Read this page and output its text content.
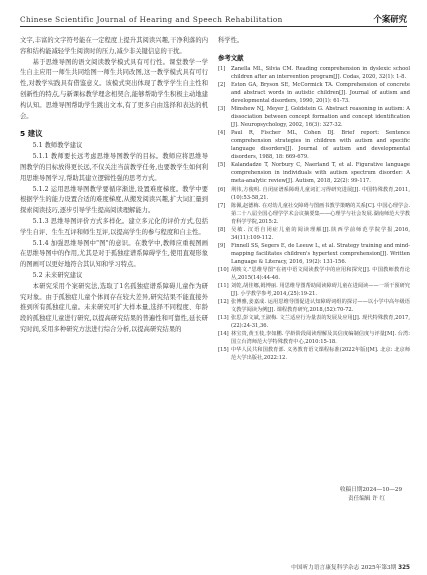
Chinese Scientific Journal of Hearing and Speech Rehabilitation	个案研究

文字,丰富的文字符号能在一定程度上提升其阅读兴趣,干净利落的内容和结构能减轻学生阅读时的压力,减少非关键信息的干扰。

基于思维导图的语文阅读教学模式具有可行性。课堂教学一学生自主应用一师生共同绘图一师生共同改图,这一教学模式具有可行性,对教学实践具有借鉴意义。该模式突出体现了教学学生自主性和创新性的特点,与新课标教学理念相契合,能够帮助学生积极主动地建构认知。思维导图帮助学生跳出文本,有了更多自由选择和表达的机会。

5 建议
5.1 教师教学建议

5.1.1 教师要长远考虑思维导图教学的目标。教师应将思维导图教学的目标放得更长远,不仅关注当前教学任务,也要教学生如何利用思维导图学习,帮助其建立逻辑性强的思考方式。

5.1.2 运用思维导图教学要循序渐进,设置难度梯度。教学中要根据学生的能力设置合适的难度梯度,从搬发阅读兴趣,扩大词汇量到探索阅读技巧,逐步引导学生提高阅读理解能力。

5.1.3 思维导图评价方式多样化。建立多元化的评价方式,包括学生自评、生生互评和师生互评,以提高学生的参与程度和自主性。

5.1.4 加强思维导图中"图"的意识。在教学中,教师应重视图画在思维导图中的作用,尤其是对于孤独症谱系障碍学生,使用直观形象的图画可以更好地符合其认知和学习特点。

5.2 未来研究建议

本研究采用个案研究法,选取了1名孤独症谱系障碍儿童作为研究对象。由于孤独症儿童个体间存在较大差异,研究结果不能直接外推到所有孤独症儿童。未来研究可扩大样本量,选择不同程度、年龄段的孤独症儿童进行研究,以提高研究结果的普遍性和可靠性,延长研究时间,采用多种研究方法进行综合分析,以提高研究结果的

科学性。

参考文献
[1]	Zanella ML, Silvia CM. Reading comprehension in dyslexic school children after an intervention program[J]. Codas, 2020, 32(1): 1-8.
[2]	Eston GA, Bryson SE, McCormick TA. Comprehension of concrete and abstract words in autistic children[J]. Journal of autism and developmental disorders, 1990, 20(1): 61-73.
[3]	Minshew NJ, Meyer J, Goldstein G. Abstract reasoning in autism: A dissociation between concept formation and concept identification [J]. Neuropsychology, 2002, 16(3): 327-32.
[4]	Paul R, Fischer ML, Cohen DJ. Brief report: Sentence comprehension strategies in children with autism and specific language disorders[J]. Journal of autism and developmental disorders, 1988, 18: 669-679.
[5]	Kalandadze T, Norbury C, Naerland T, et al. Figurative language comprehension in individuals with autism spectrum disorder: A meta-analytic review[J]. Autism, 2018, 22(2): 99-117.
[6]	荆伟,方俊明. 自闭症谱系障碍儿童词汇习得研究进展[J]. 中国特殊教育,2011,(10):53-58,21.
[7]	陈佩,赵德梅. 在对幼儿童社交障碍与图画书教学策略的关系[C]. 中国心理学会.第二十八届全国心理学学术会议摘要集——心理学与社会发展.湖南师范大学教育科学学院,2015:2.
[8]	吴敏. 汉语自闭症儿童的阅读理解[J].陕西学前师范学院学报,2016, 34(11):109-112.
[9]	Finnell SS, Segers E, de Leeuw L, et al. Strategy training and mind-mapping facilitates children's hypertext comprehension[J]. Written Language & Literacy, 2016, 19(2): 131-156.
[10] 胡映文."思维导图"在初中语文阅读教学中的应用和探究[J]. 中国教师教育论丛,2015(14):44-46.
[11] 刘乾,胡佳娜,姆博丽. 用思维导图帮助阅读障碍儿童在进阅读——一项干预研究[J]. 小学教学参考,2014,(25):19-21.
[12] 张博雅,姜嘉成. 运用思维导图促进认知障碍词组的探讨——以小学中高年级语文教学阅读为例[J]. 课程教育研究,2018,(52):70-72.
[13] 张思,彭文斌,王淑梅. 文兰适应行为量表的发展及应用[J]. 现代特殊教育,2017,(22):24-31,36.
[14] 林宝贵,黄玉枝,李如鹏. 学龄阶段阅读理解及其信度编制信度与评量[M]. 台湾:国立台湾师范大学特殊教育中心,2010:15-18.
[15] 中华人民共和国教育部. 义务教育语文课程标准(2022年版)[M]. 北京: 北京师范大学出版社,2022:12.
收稿日期2024—10—29
责任编辑 许 红
中国听力语言康复科学杂志 2025年第3期 325
